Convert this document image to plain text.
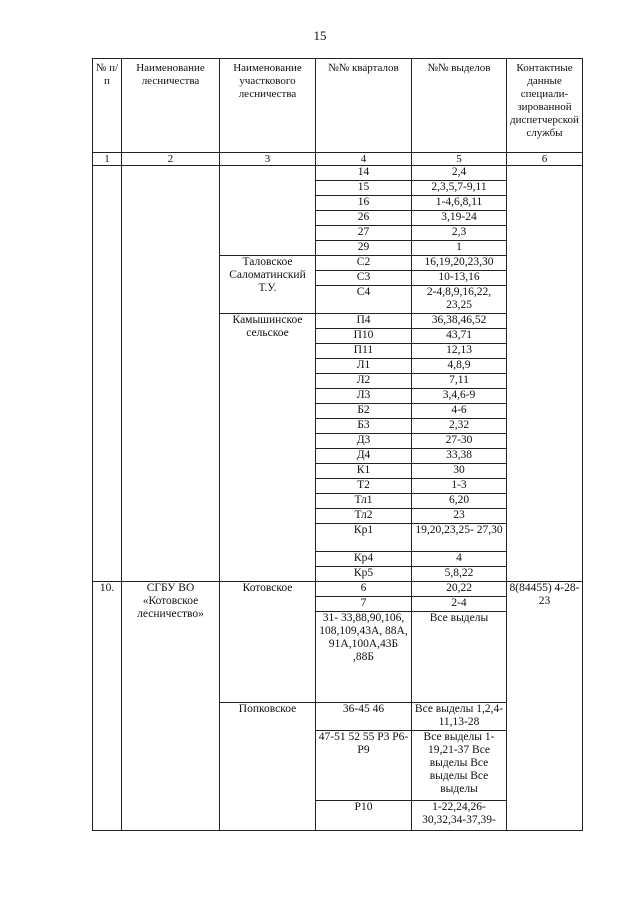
15
№ п/п	Наименование лесничества	Наименование участкового лесничества	№№ кварталов	№№ выделов	Контактные данные специали-зированной диспетчерской службы
1	2	3	4	5	6
			14	2,4	
			15	2,3,5,7-9,11	
			16	1-4,6,8,11	
			26	3,19-24	
			27	2,3	
			29	1	
		Таловское Саломатинский Т.У.	С2	16,19,20,23,30	
			С3	10-13,16	
			С4	2-4,8,9,16,22, 23,25	
		Камышинское сельское	П4	36,38,46,52	
			П10	43,71	
			П11	12,13	
			Л1	4,8,9	
			Л2	7,11	
			Л3	3,4,6-9	
			Б2	4-6	
			Б3	2,32	
			Д3	27-30	
			Д4	33,38	
			К1	30	
			Т2	1-3	
			Тл1	6,20	
			Тл2	23	
			Кр1	19,20,23,25- 27,30	
			Кр4	4	
			Кр5	5,8,22	
10.	СГБУ ВО «Котовское лесничество»	Котовское	6	20,22	8(84455) 4-28-23
			7	2-4	
			31- 33,88,90,106, 108,109,43А, 88А, 91А,100А,43Б ,88Б	Все выделы	
		Попковское	36-45 46	Все выделы 1,2,4-11,13-28	
			47-51 52 55 Р3 Р6-Р9	Все выделы 1-19,21-37 Все выделы Все выделы Все выделы	
			Р10	1-22,24,26- 30,32,34-37,39-	
